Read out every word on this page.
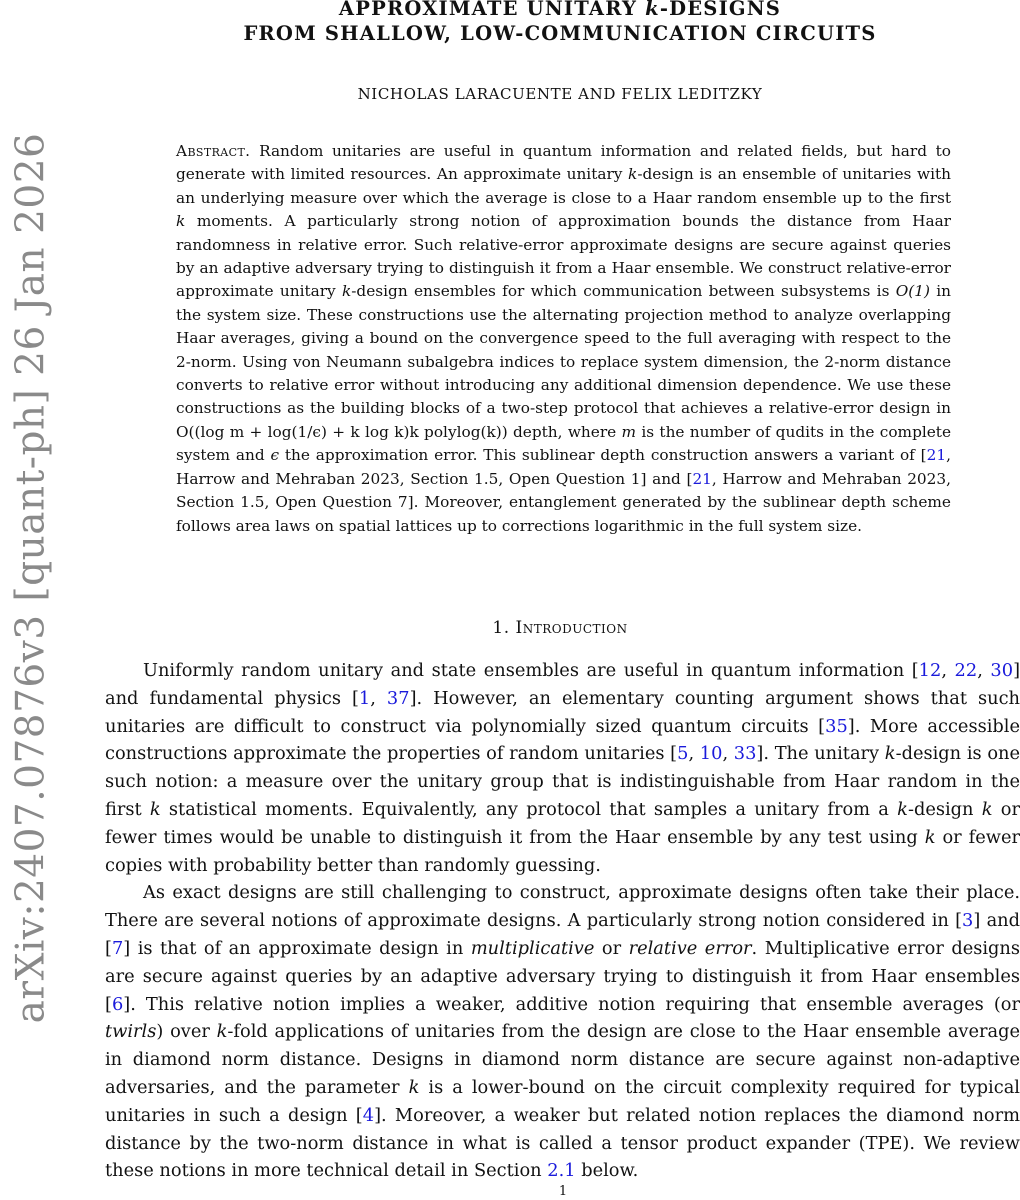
arXiv:2407.07876v3 [quant-ph] 26 Jan 2026
APPROXIMATE UNITARY k-DESIGNS
FROM SHALLOW, LOW-COMMUNICATION CIRCUITS
NICHOLAS LARACUENTE AND FELIX LEDITZKY

Abstract. Random unitaries are useful in quantum information and related fields, but hard to generate with limited resources. An approximate unitary k-design is an ensemble of unitaries with an underlying measure over which the average is close to a Haar random ensemble up to the first k moments. A particularly strong notion of approximation bounds the distance from Haar randomness in relative error. Such relative-error approximate designs are secure against queries by an adaptive adversary trying to distinguish it from a Haar ensemble. We construct relative-error approximate unitary k-design ensembles for which communication between subsystems is O(1) in the system size. These constructions use the alternating projection method to analyze overlapping Haar averages, giving a bound on the convergence speed to the full averaging with respect to the 2-norm. Using von Neumann subalgebra indices to replace system dimension, the 2-norm distance converts to relative error without introducing any additional dimension dependence. We use these constructions as the building blocks of a two-step protocol that achieves a relative-error design in O((log m + log(1/ϵ) + k log k)k polylog(k)) depth, where m is the number of qudits in the complete system and ϵ the approximation error. This sublinear depth construction answers a variant of [21, Harrow and Mehraban 2023, Section 1.5, Open Question 1] and [21, Harrow and Mehraban 2023, Section 1.5, Open Question 7]. Moreover, entanglement generated by the sublinear depth scheme follows area laws on spatial lattices up to corrections logarithmic in the full system size.

1. Introduction

Uniformly random unitary and state ensembles are useful in quantum information [12, 22, 30] and fundamental physics [1, 37]. However, an elementary counting argument shows that such unitaries are difficult to construct via polynomially sized quantum circuits [35]. More accessible constructions approximate the properties of random unitaries [5, 10, 33]. The unitary k-design is one such notion: a measure over the unitary group that is indistinguishable from Haar random in the first k statistical moments. Equivalently, any protocol that samples a unitary from a k-design k or fewer times would be unable to distinguish it from the Haar ensemble by any test using k or fewer copies with probability better than randomly guessing.

As exact designs are still challenging to construct, approximate designs often take their place. There are several notions of approximate designs. A particularly strong notion considered in [3] and [7] is that of an approximate design in multiplicative or relative error. Multiplicative error designs are secure against queries by an adaptive adversary trying to distinguish it from Haar ensembles [6]. This relative notion implies a weaker, additive notion requiring that ensemble averages (or twirls) over k-fold applications of unitaries from the design are close to the Haar ensemble average in diamond norm distance. Designs in diamond norm distance are secure against non-adaptive adversaries, and the parameter k is a lower-bound on the circuit complexity required for typical unitaries in such a design [4]. Moreover, a weaker but related notion replaces the diamond norm distance by the two-norm distance in what is called a tensor product expander (TPE). We review these notions in more technical detail in Section 2.1 below.

1
